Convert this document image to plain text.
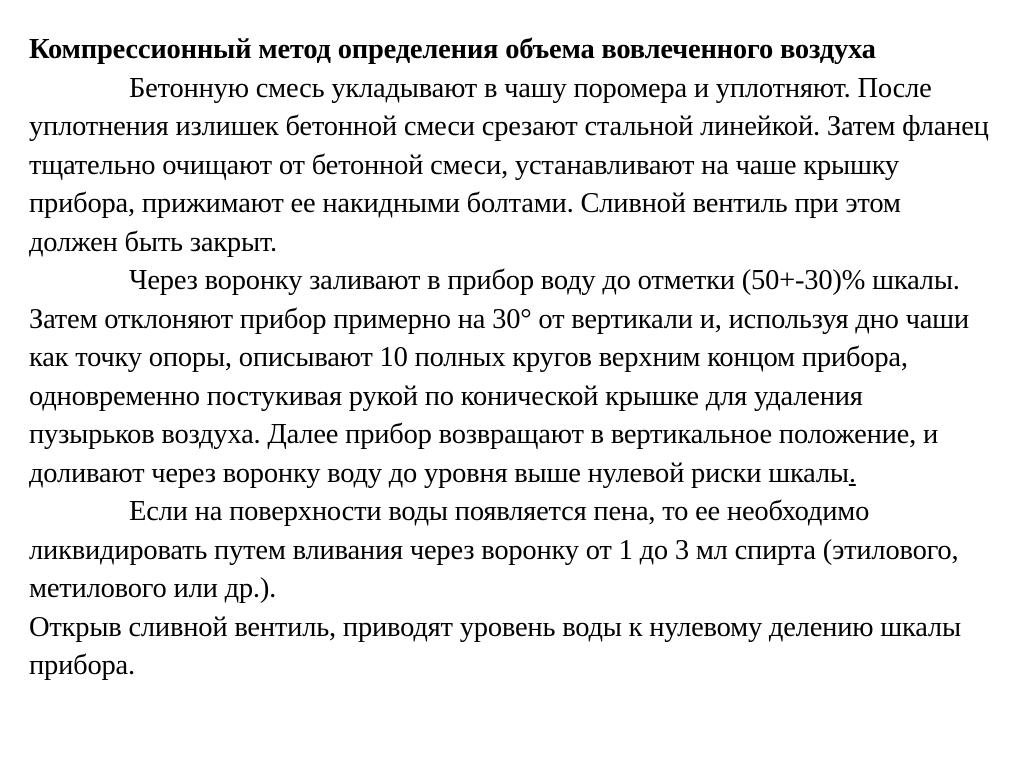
Компрессионный метод определения объема вовлеченного воздуха

Бетонную смесь укладывают в чашу поромера и уплотняют. После уплотнения излишек бетонной смеси срезают стальной линейкой. Затем фланец тщательно очищают от бетонной смеси, устанавливают на чаше крышку прибора, прижимают ее накидными болтами. Сливной вентиль при этом должен быть закрыт.

Через воронку заливают в прибор воду до отметки (50+-30)% шкалы. Затем отклоняют прибор примерно на 30° от вертикали и, используя дно чаши как точку опоры, описывают 10 полных кругов верхним концом прибора, одновременно постукивая рукой по конической крышке для удаления пузырьков воздуха. Далее прибор возвращают в вертикальное положение, и доливают через воронку воду до уровня выше нулевой риски шкалы.

Если на поверхности воды появляется пена, то ее необходимо ликвидировать путем вливания через воронку от 1 до 3 мл спирта (этилового, метилового или др.).

Открыв сливной вентиль, приводят уровень воды к нулевому делению шкалы прибора.
